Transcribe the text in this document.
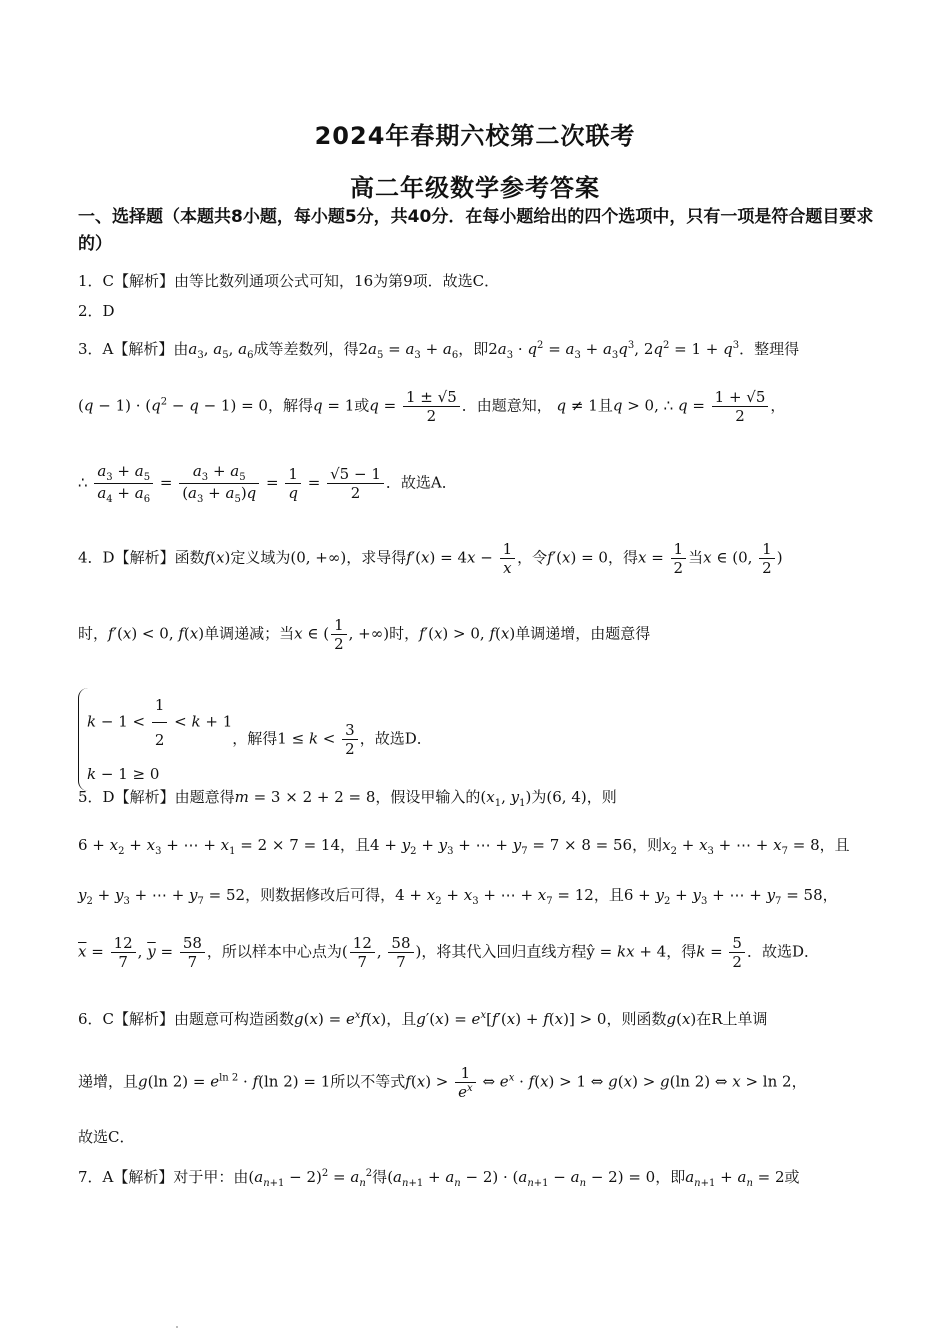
2024年春期六校第二次联考
高二年级数学参考答案
一、选择题（本题共8小题，每小题5分，共40分．在每小题给出的四个选项中，只有一项是符合题目要求的）
1．C【解析】由等比数列通项公式可知，16为第9项．故选C．
2．D
3．A【解析】由$a_3$, $a_5$, $a_6$成等差数列，得$2a_5 = a_3 + a_6$，即$2a_3 \cdot q^2 = a_3 + a_3q^3$, $2q^2 = 1 + q^3$．整理得
$(q - 1) \cdot (q^2 - q - 1) = 0$，解得q = 1或$q = \frac{1 \pm √5}{2}$ ．由题意知， q ≠ 1且q > 0, ∴ $q = \frac{1 + √5}{2}$ ，
∴ $\frac{a_3 + a_5}{a_4 + a_6} = \frac{a_3 + a_5}{(a_3 + a_5)q} = \frac{1}{q} = \frac{√5 - 1}{2}$ ．故选A．
4．D【解析】函数f(x)定义域为(0, +∞)，求导得$f'(x) = 4x - \frac{1}{x}$ ，令f′(x) = 0，得$x = \frac{1}{2}$ 当x ∈ (0, $\frac{1}{2}$ )
时，f′(x) < 0, f(x)单调递减；当x ∈ ( $\frac{1}{2}$ , +∞)时，f′(x) > 0, f(x)单调递增，由题意得
$k - 1 < \frac{1}{2} < k + 1$
k − 1 ≥ 0
，解得$1 \le k < \frac{3}{2}$ ，故选D．
5．D【解析】由题意得m = 3 × 2 + 2 = 8，假设甲输入的($x_1$, $y_1$)为(6, 4)，则
$6 + x_2 + x_3$ + ⋯ + $x_1 = 2 \times 7 = 14$，且$4 + y_2 + y_3$ + ⋯ + $y_7 = 7 \times 8 = 56$，则$x_2 + x_3$ + ⋯ + $x_7 = 8$，且
$y_2 + y_3$ + ⋯ + $y_7 = 52$，则数据修改后可得，$4 + x_2 + x_3$ + ⋯ + $x_7 = 12$，且$6 + y_2 + y_3$ + ⋯ + $y_7 = 58$，
$\overline{x} = \frac{12}{7}$ , $\overline{y} = \frac{58}{7}$ ，所以样本中心点为( $\frac{12}{7}$ , $\frac{58}{7}$ )，将其代入回归直线方程ŷ = kx + 4，得$k = \frac{5}{2}$ ．故选D．
6．C【解析】由题意可构造函数$g(x) = e^xf(x)$，且$g'(x) = e^x[f'(x) + f(x)] > 0$，则函数g(x)在R上单调
递增，且g(ln $2) = e^{ln 2} \cdot f(\ln$ 2) = 1所以不等式$f(x) > \frac{1}{e^x}$ ⇔ $e^x \cdot f(x) > 1$ ⇔ g(x) > g(ln 2) ⇔ x > ln 2，
故选C．
7．A【解析】对于甲：由$(a_{n+1} - 2)^2 = a_n^2$得$(a_{n+1} + a_n - 2) \cdot (a_{n+1} - a_n - 2) = 0$，即$a_{n+1} + a_n = 2$或
